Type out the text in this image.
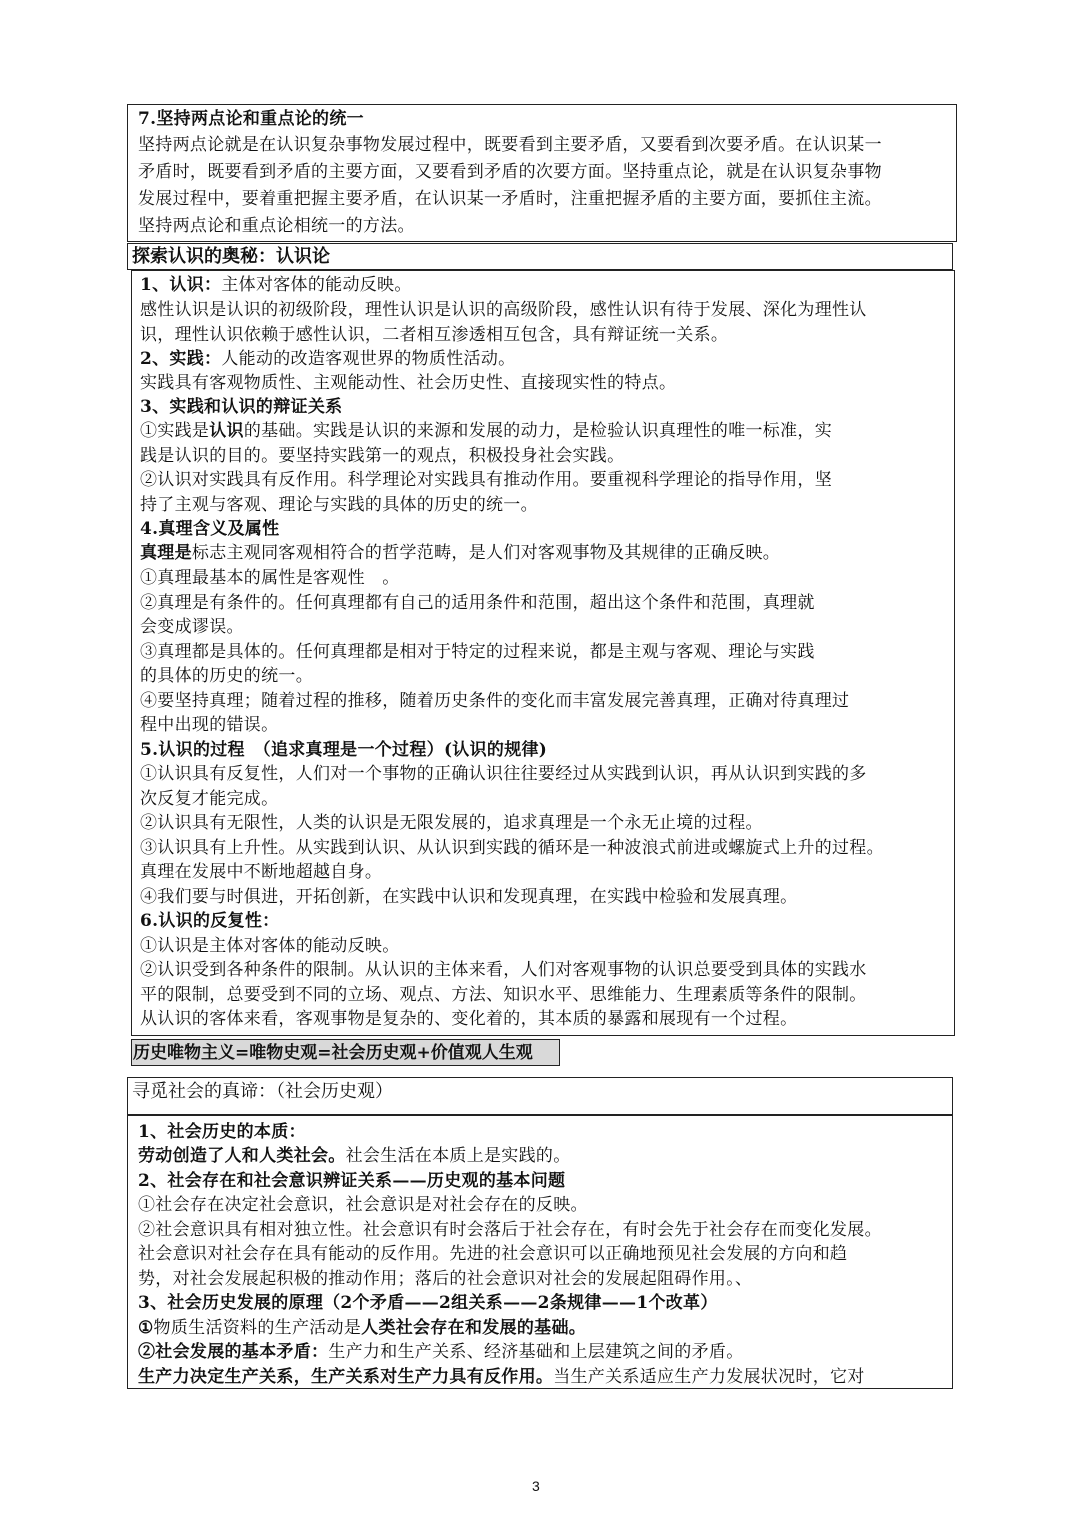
7.坚持两点论和重点论的统一
坚持两点论就是在认识复杂事物发展过程中，既要看到主要矛盾，又要看到次要矛盾。在认识某一
矛盾时，既要看到矛盾的主要方面，又要看到矛盾的次要方面。坚持重点论，就是在认识复杂事物
发展过程中，要着重把握主要矛盾，在认识某一矛盾时，注重把握矛盾的主要方面，要抓住主流。
坚持两点论和重点论相统一的方法。
探索认识的奥秘：认识论
1、认识：主体对客体的能动反映。
感性认识是认识的初级阶段，理性认识是认识的高级阶段，感性认识有待于发展、深化为理性认
识，理性认识依赖于感性认识，二者相互渗透相互包含，具有辩证统一关系。
2、实践：人能动的改造客观世界的物质性活动。
实践具有客观物质性、主观能动性、社会历史性、直接现实性的特点。
3、实践和认识的辩证关系
①实践是认识的基础。实践是认识的来源和发展的动力，是检验认识真理性的唯一标准，实
践是认识的目的。要坚持实践第一的观点，积极投身社会实践。
②认识对实践具有反作用。科学理论对实践具有推动作用。要重视科学理论的指导作用，坚
持了主观与客观、理论与实践的具体的历史的统一。
4.真理含义及属性
真理是标志主观同客观相符合的哲学范畴，是人们对客观事物及其规律的正确反映。
①真理最基本的属性是客观性　。
②真理是有条件的。任何真理都有自己的适用条件和范围，超出这个条件和范围，真理就
会变成谬误。
③真理都是具体的。任何真理都是相对于特定的过程来说，都是主观与客观、理论与实践
的具体的历史的统一。
④要坚持真理；随着过程的推移，随着历史条件的变化而丰富发展完善真理，正确对待真理过
程中出现的错误。
5.认识的过程　（追求真理是一个过程）(认识的规律)
①认识具有反复性，人们对一个事物的正确认识往往要经过从实践到认识，再从认识到实践的多
次反复才能完成。
②认识具有无限性，人类的认识是无限发展的，追求真理是一个永无止境的过程。
③认识具有上升性。从实践到认识、从认识到实践的循环是一种波浪式前进或螺旋式上升的过程。
真理在发展中不断地超越自身。
④我们要与时俱进，开拓创新，在实践中认识和发现真理，在实践中检验和发展真理。
6.认识的反复性：
①认识是主体对客体的能动反映。
②认识受到各种条件的限制。从认识的主体来看，人们对客观事物的认识总要受到具体的实践水
平的限制，总要受到不同的立场、观点、方法、知识水平、思维能力、生理素质等条件的限制。
从认识的客体来看，客观事物是复杂的、变化着的，其本质的暴露和展现有一个过程。
历史唯物主义=唯物史观=社会历史观+价值观人生观
寻觅社会的真谛：（社会历史观）
1、社会历史的本质：
劳动创造了人和人类社会。社会生活在本质上是实践的。
2、社会存在和社会意识辨证关系——历史观的基本问题
①社会存在决定社会意识，社会意识是对社会存在的反映。
②社会意识具有相对独立性。社会意识有时会落后于社会存在，有时会先于社会存在而变化发展。
社会意识对社会存在具有能动的反作用。先进的社会意识可以正确地预见社会发展的方向和趋
势，对社会发展起积极的推动作用；落后的社会意识对社会的发展起阻碍作用。、
3、社会历史发展的原理（2个矛盾——2组关系——2条规律——1个改革）
①物质生活资料的生产活动是人类社会存在和发展的基础。
②社会发展的基本矛盾：生产力和生产关系、经济基础和上层建筑之间的矛盾。
生产力决定生产关系，生产关系对生产力具有反作用。当生产关系适应生产力发展状况时，它对
3
